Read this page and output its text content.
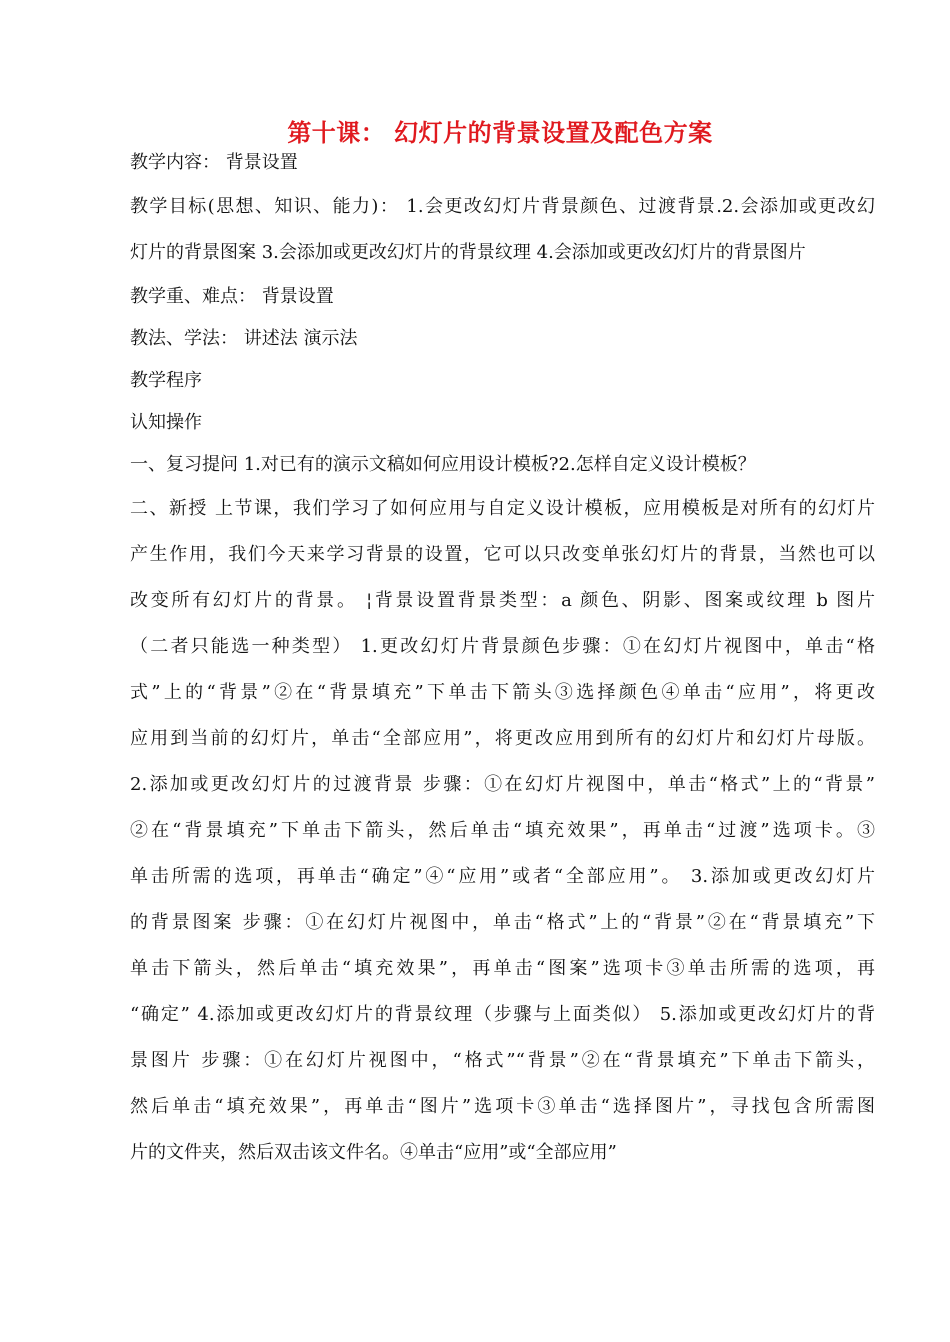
第十课： 幻灯片的背景设置及配色方案
教学内容： 背景设置
教学目标(思想、知识、能力)： 1.会更改幻灯片背景颜色、过渡背景.2.会添加或更改幻
灯片的背景图案 3.会添加或更改幻灯片的背景纹理 4.会添加或更改幻灯片的背景图片
教学重、难点： 背景设置
教法、学法： 讲述法 演示法
教学程序
认知操作
一、复习提问 1.对已有的演示文稿如何应用设计模板?2.怎样自定义设计模板？
二、新授 上节课，我们学习了如何应用与自定义设计模板，应用模板是对所有的幻灯片
产生作用，我们今天来学习背景的设置，它可以只改变单张幻灯片的背景，当然也可以
改变所有幻灯片的背景。 ¦背景设置背景类型：a 颜色、阴影、图案或纹理 b 图片
（二者只能选一种类型） 1.更改幻灯片背景颜色步骤：①在幻灯片视图中，单击“格
式”上的“背景”②在“背景填充”下单击下箭头③选择颜色④单击“应用”，将更改
应用到当前的幻灯片，单击“全部应用”，将更改应用到所有的幻灯片和幻灯片母版。
2.添加或更改幻灯片的过渡背景 步骤：①在幻灯片视图中，单击“格式”上的“背景”
②在“背景填充”下单击下箭头，然后单击“填充效果”，再单击“过渡”选项卡。③
单击所需的选项，再单击“确定”④“应用”或者“全部应用”。 3.添加或更改幻灯片
的背景图案 步骤：①在幻灯片视图中，单击“格式”上的“背景”②在“背景填充”下
单击下箭头，然后单击“填充效果”，再单击“图案”选项卡③单击所需的选项，再
“确定” 4.添加或更改幻灯片的背景纹理（步骤与上面类似） 5.添加或更改幻灯片的背
景图片 步骤：①在幻灯片视图中，“格式”“背景”②在“背景填充”下单击下箭头，
然后单击“填充效果”，再单击“图片”选项卡③单击“选择图片”，寻找包含所需图
片的文件夹，然后双击该文件名。④单击“应用”或“全部应用”
